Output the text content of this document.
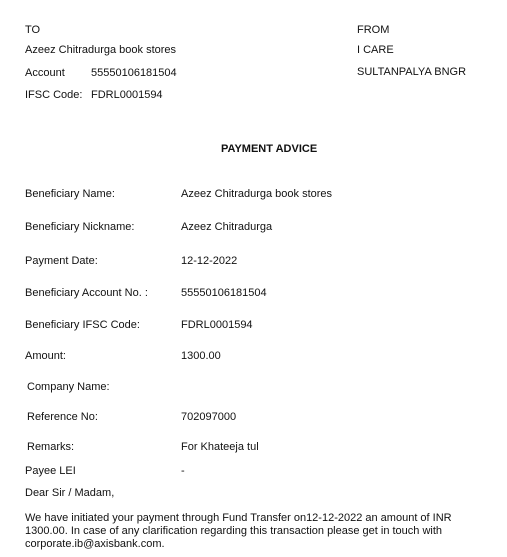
TO
Azeez Chitradurga book stores
Account 55550106181504
IFSC Code: FDRL0001594
FROM
I CARE
SULTANPALYA BNGR
PAYMENT ADVICE
Beneficiary Name:	Azeez Chitradurga book stores
Beneficiary Nickname:	Azeez Chitradurga
Payment Date:	12-12-2022
Beneficiary Account No. :	55550106181504
Beneficiary IFSC Code:	FDRL0001594
Amount:	1300.00
Company Name:
Reference No:	702097000
Remarks:	For Khateeja tul
Payee LEI	-
Dear Sir / Madam,
We have initiated your payment through Fund Transfer on12-12-2022 an amount of INR 1300.00. In case of any clarification regarding this transaction please get in touch with corporate.ib@axisbank.com.
